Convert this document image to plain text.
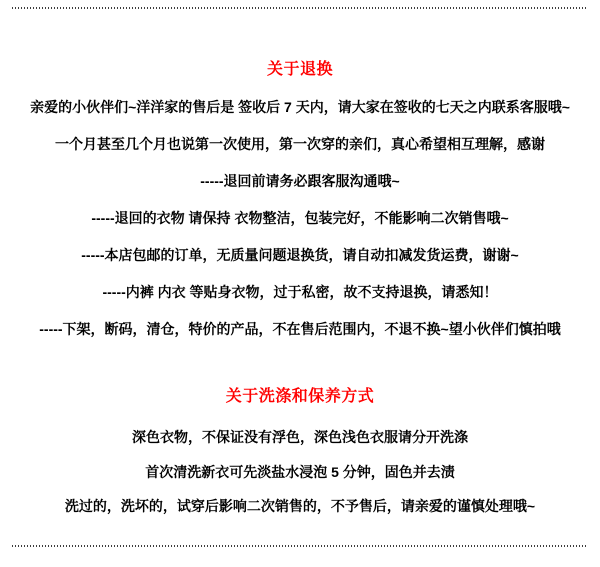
关于退换

亲爱的小伙伴们~洋洋家的售后是 签收后 7 天内，请大家在签收的七天之内联系客服哦~

一个月甚至几个月也说第一次使用，第一次穿的亲们，真心希望相互理解，感谢

-----退回前请务必跟客服沟通哦~

-----退回的衣物 请保持 衣物整洁，包装完好，不能影响二次销售哦~

-----本店包邮的订单，无质量问题退换货，请自动扣减发货运费，谢谢~

-----内裤 内衣 等贴身衣物，过于私密，故不支持退换，请悉知！

-----下架，断码，清仓，特价的产品，不在售后范围内，不退不换~望小伙伴们慎拍哦

关于洗涤和保养方式

深色衣物，不保证没有浮色，深色浅色衣服请分开洗涤

首次清洗新衣可先淡盐水浸泡 5 分钟，固色并去渍

洗过的，洗坏的，试穿后影响二次销售的，不予售后，请亲爱的谨慎处理哦~
